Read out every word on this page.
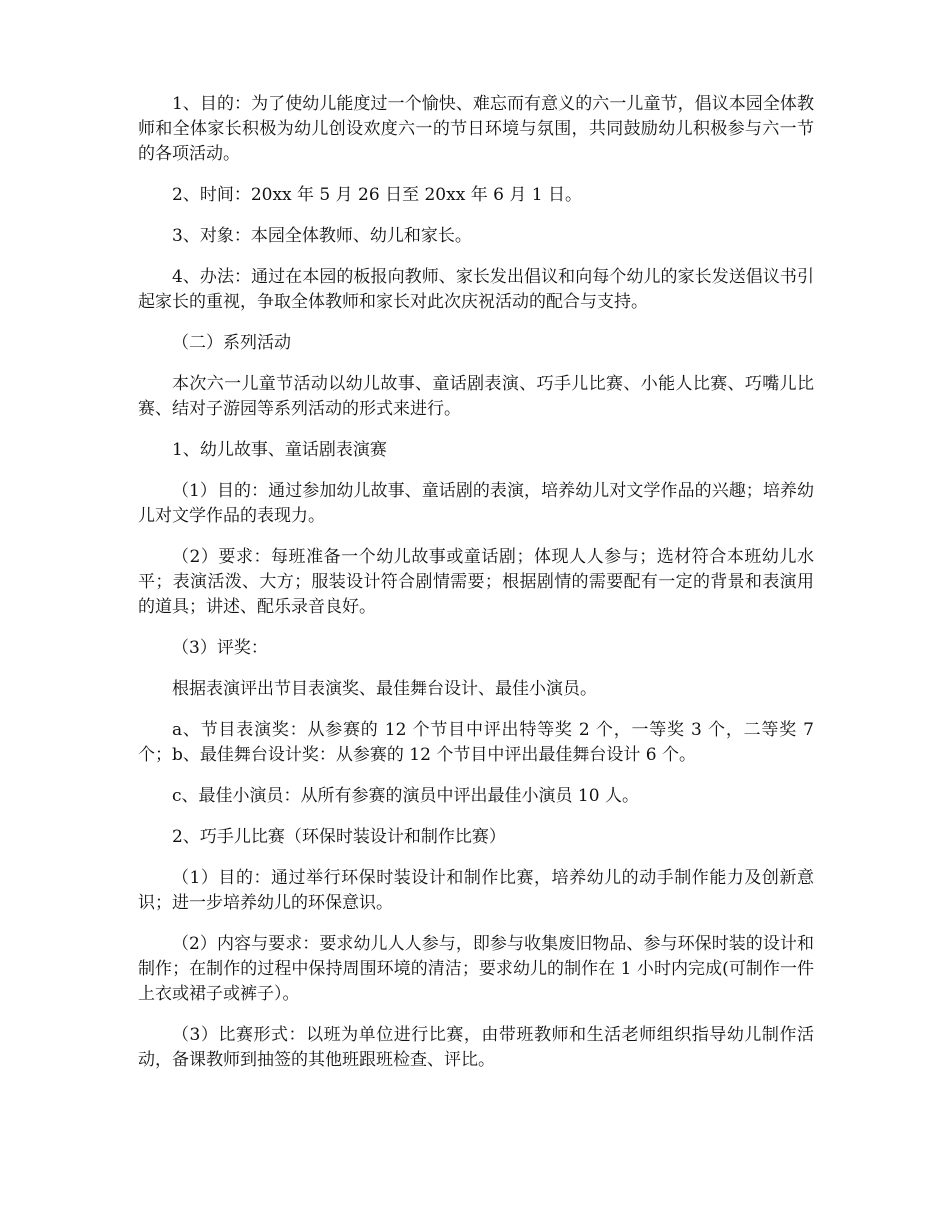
1、目的：为了使幼儿能度过一个愉快、难忘而有意义的六一儿童节，倡议本园全体教师和全体家长积极为幼儿创设欢度六一的节日环境与氛围，共同鼓励幼儿积极参与六一节的各项活动。

2、时间：20xx 年 5 月 26 日至 20xx 年 6 月 1 日。

3、对象：本园全体教师、幼儿和家长。

4、办法：通过在本园的板报向教师、家长发出倡议和向每个幼儿的家长发送倡议书引起家长的重视，争取全体教师和家长对此次庆祝活动的配合与支持。

（二）系列活动

本次六一儿童节活动以幼儿故事、童话剧表演、巧手儿比赛、小能人比赛、巧嘴儿比赛、结对子游园等系列活动的形式来进行。

1、幼儿故事、童话剧表演赛

（1）目的：通过参加幼儿故事、童话剧的表演，培养幼儿对文学作品的兴趣；培养幼儿对文学作品的表现力。

（2）要求：每班准备一个幼儿故事或童话剧；体现人人参与；选材符合本班幼儿水平；表演活泼、大方；服装设计符合剧情需要；根据剧情的需要配有一定的背景和表演用的道具；讲述、配乐录音良好。

（3）评奖：

根据表演评出节目表演奖、最佳舞台设计、最佳小演员。

a、节目表演奖：从参赛的 12 个节目中评出特等奖 2 个，一等奖 3 个，二等奖 7 个；b、最佳舞台设计奖：从参赛的 12 个节目中评出最佳舞台设计 6 个。

c、最佳小演员：从所有参赛的演员中评出最佳小演员 10 人。

2、巧手儿比赛（环保时装设计和制作比赛）

（1）目的：通过举行环保时装设计和制作比赛，培养幼儿的动手制作能力及创新意识；进一步培养幼儿的环保意识。

（2）内容与要求：要求幼儿人人参与，即参与收集废旧物品、参与环保时装的设计和制作；在制作的过程中保持周围环境的清洁；要求幼儿的制作在 1 小时内完成(可制作一件上衣或裙子或裤子）。

（3）比赛形式：以班为单位进行比赛，由带班教师和生活老师组织指导幼儿制作活动，备课教师到抽签的其他班跟班检查、评比。
